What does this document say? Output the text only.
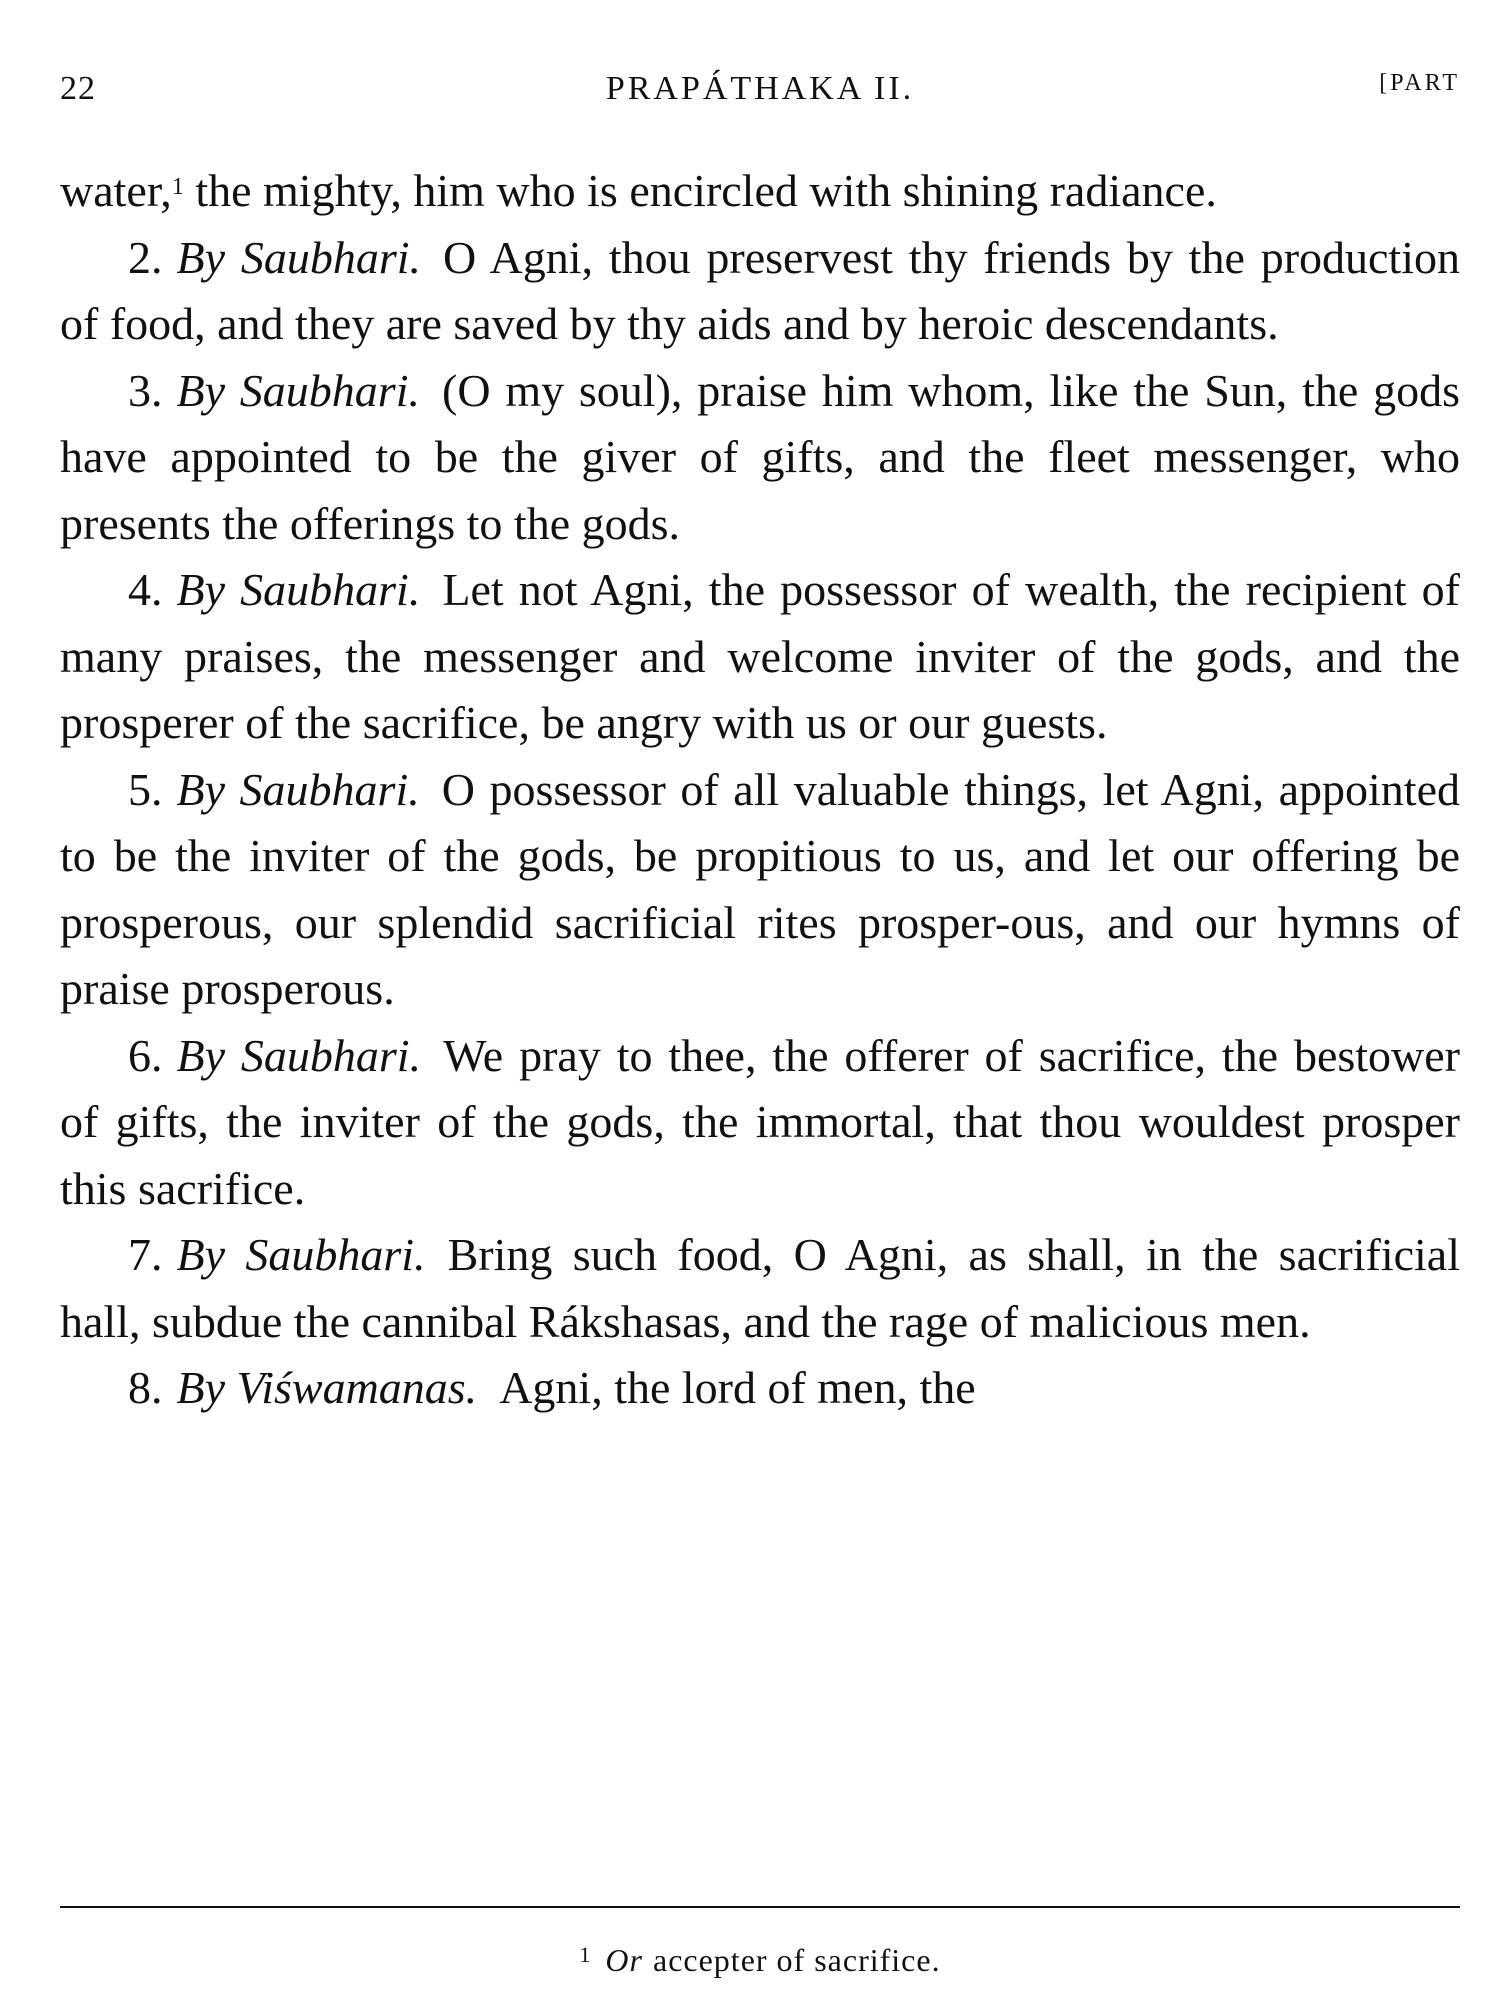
22	PRAPÁTHAKA II.	[PART

water,$^1$ the mighty, him who is encircled with shining radiance.

2. By Saubhari. O Agni, thou preservest thy friends by the production of food, and they are saved by thy aids and by heroic descendants.

3. By Saubhari. (O my soul), praise him whom, like the Sun, the gods have appointed to be the giver of gifts, and the fleet messenger, who presents the offerings to the gods.

4. By Saubhari. Let not Agni, the possessor of wealth, the recipient of many praises, the messenger and welcome inviter of the gods, and the prosperer of the sacrifice, be angry with us or our guests.

5. By Saubhari. O possessor of all valuable things, let Agni, appointed to be the inviter of the gods, be propitious to us, and let our offering be prosperous, our splendid sacrificial rites prosper-ous, and our hymns of praise prosperous.

6. By Saubhari. We pray to thee, the offerer of sacrifice, the bestower of gifts, the inviter of the gods, the immortal, that thou wouldest prosper this sacrifice.

7. By Saubhari. Bring such food, O Agni, as shall, in the sacrificial hall, subdue the cannibal Rákshasas, and the rage of malicious men.

8. By Viśwamanas. Agni, the lord of men, the

$^1$ Or accepter of sacrifice.
